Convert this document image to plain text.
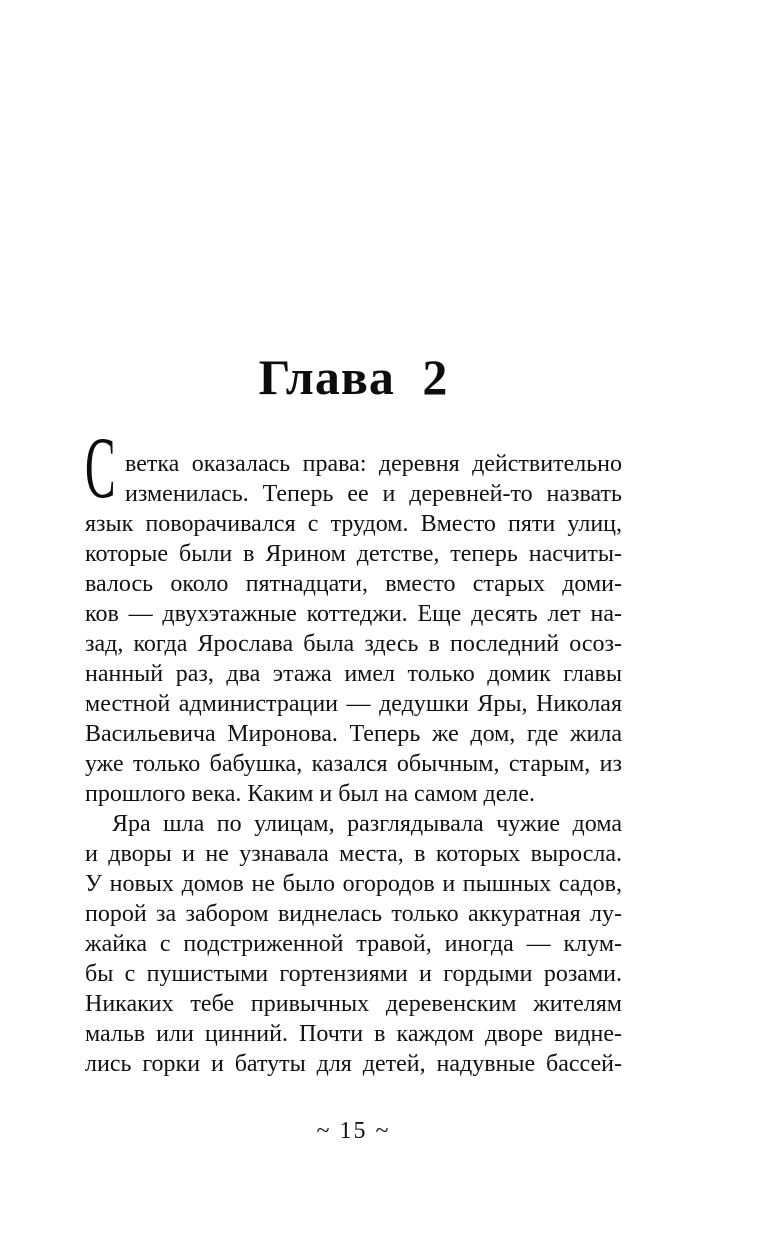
Глава 2
С ветка оказалась права: деревня действительно
изменилась. Теперь ее и деревней-то назвать
язык поворачивался с трудом. Вместо пяти улиц,
которые были в Ярином детстве, теперь насчиты-
валось около пятнадцати, вместо старых доми-
ков — двухэтажные коттеджи. Еще десять лет на-
зад, когда Ярослава была здесь в последний осоз-
нанный раз, два этажа имел только домик главы
местной администрации — дедушки Яры, Николая
Васильевича Миронова. Теперь же дом, где жила
уже только бабушка, казался обычным, старым, из
прошлого века. Каким и был на самом деле.
Яра шла по улицам, разглядывала чужие дома
и дворы и не узнавала места, в которых выросла.
У новых домов не было огородов и пышных садов,
порой за забором виднелась только аккуратная лу-
жайка с подстриженной травой, иногда — клум-
бы с пушистыми гортензиями и гордыми розами.
Никаких тебе привычных деревенским жителям
мальв или цинний. Почти в каждом дворе видне-
лись горки и батуты для детей, надувные бассей-
~ 15 ~
